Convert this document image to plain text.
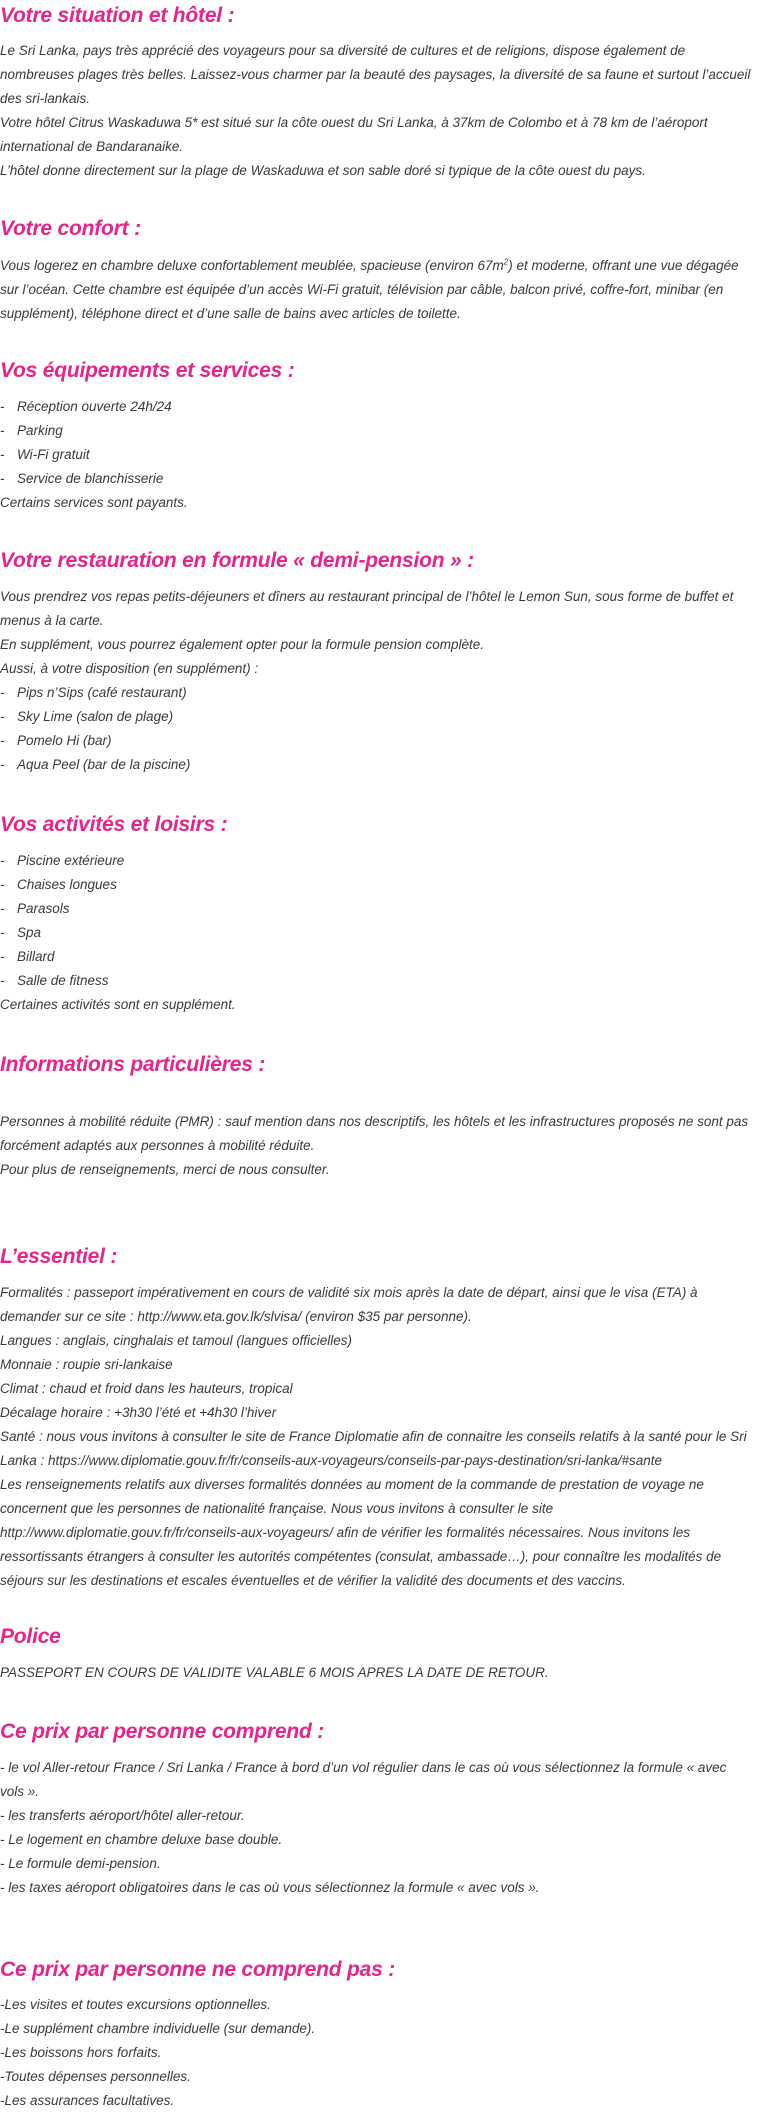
Votre situation et hôtel :

Le Sri Lanka, pays très apprécié des voyageurs pour sa diversité de cultures et de religions, dispose également de nombreuses plages très belles. Laissez-vous charmer par la beauté des paysages, la diversité de sa faune et surtout l’accueil des sri-lankais.

Votre hôtel Citrus Waskaduwa 5* est situé sur la côte ouest du Sri Lanka, à 37km de Colombo et à 78 km de l’aéroport international de Bandaranaike.

L’hôtel donne directement sur la plage de Waskaduwa et son sable doré si typique de la côte ouest du pays.

Votre confort :

Vous logerez en chambre deluxe confortablement meublée, spacieuse (environ $67m^2$) et moderne, offrant une vue dégagée sur l’océan. Cette chambre est équipée d’un accès Wi-Fi gratuit, télévision par câble, balcon privé, coffre-fort, minibar (en supplément), téléphone direct et d’une salle de bains avec articles de toilette.

Vos équipements et services :
- Réception ouverte 24h/24
- Parking
- Wi-Fi gratuit
- Service de blanchisserie

Certains services sont payants.

Votre restauration en formule « demi-pension » :

Vous prendrez vos repas petits-déjeuners et dîners au restaurant principal de l’hôtel le Lemon Sun, sous forme de buffet et menus à la carte.

En supplément, vous pourrez également opter pour la formule pension complète.

Aussi, à votre disposition (en supplément) :

- Pips n’Sips (café restaurant)
- Sky Lime (salon de plage)
- Pomelo Hi (bar)
- Aqua Peel (bar de la piscine)
Vos activités et loisirs :
- Piscine extérieure
- Chaises longues
- Parasols
- Spa
- Billard
- Salle de fitness

Certaines activités sont en supplément.

Informations particulières :

Personnes à mobilité réduite (PMR) : sauf mention dans nos descriptifs, les hôtels et les infrastructures proposés ne sont pas forcément adaptés aux personnes à mobilité réduite.

Pour plus de renseignements, merci de nous consulter.

L’essentiel :

Formalités : passeport impérativement en cours de validité six mois après la date de départ, ainsi que le visa (ETA) à demander sur ce site : http://www.eta.gov.lk/slvisa/ (environ $35 par personne).

Langues : anglais, cinghalais et tamoul (langues officielles)

Monnaie : roupie sri-lankaise

Climat : chaud et froid dans les hauteurs, tropical

Décalage horaire : +3h30 l’été et +4h30 l’hiver

Santé : nous vous invitons à consulter le site de France Diplomatie afin de connaitre les conseils relatifs à la santé pour le Sri Lanka : https://www.diplomatie.gouv.fr/fr/conseils-aux-voyageurs/conseils-par-pays-destination/sri-lanka/#sante

Les renseignements relatifs aux diverses formalités données au moment de la commande de prestation de voyage ne concernent que les personnes de nationalité française. Nous vous invitons à consulter le site http://www.diplomatie.gouv.fr/fr/conseils-aux-voyageurs/ afin de vérifier les formalités nécessaires. Nous invitons les ressortissants étrangers à consulter les autorités compétentes (consulat, ambassade…), pour connaître les modalités de séjours sur les destinations et escales éventuelles et de vérifier la validité des documents et des vaccins.

Police

PASSEPORT EN COURS DE VALIDITE VALABLE 6 MOIS APRES LA DATE DE RETOUR.

Ce prix par personne comprend :

- le vol Aller-retour France / Sri Lanka / France à bord d’un vol régulier dans le cas où vous sélectionnez la formule « avec vols ».

- les transferts aéroport/hôtel aller-retour.

- Le logement en chambre deluxe base double.

- Le formule demi-pension.

- les taxes aéroport obligatoires dans le cas où vous sélectionnez la formule « avec vols ».

Ce prix par personne ne comprend pas :

-Les visites et toutes excursions optionnelles.

-Le supplément chambre individuelle (sur demande).

-Les boissons hors forfaits.

-Toutes dépenses personnelles.

-Les assurances facultatives.
